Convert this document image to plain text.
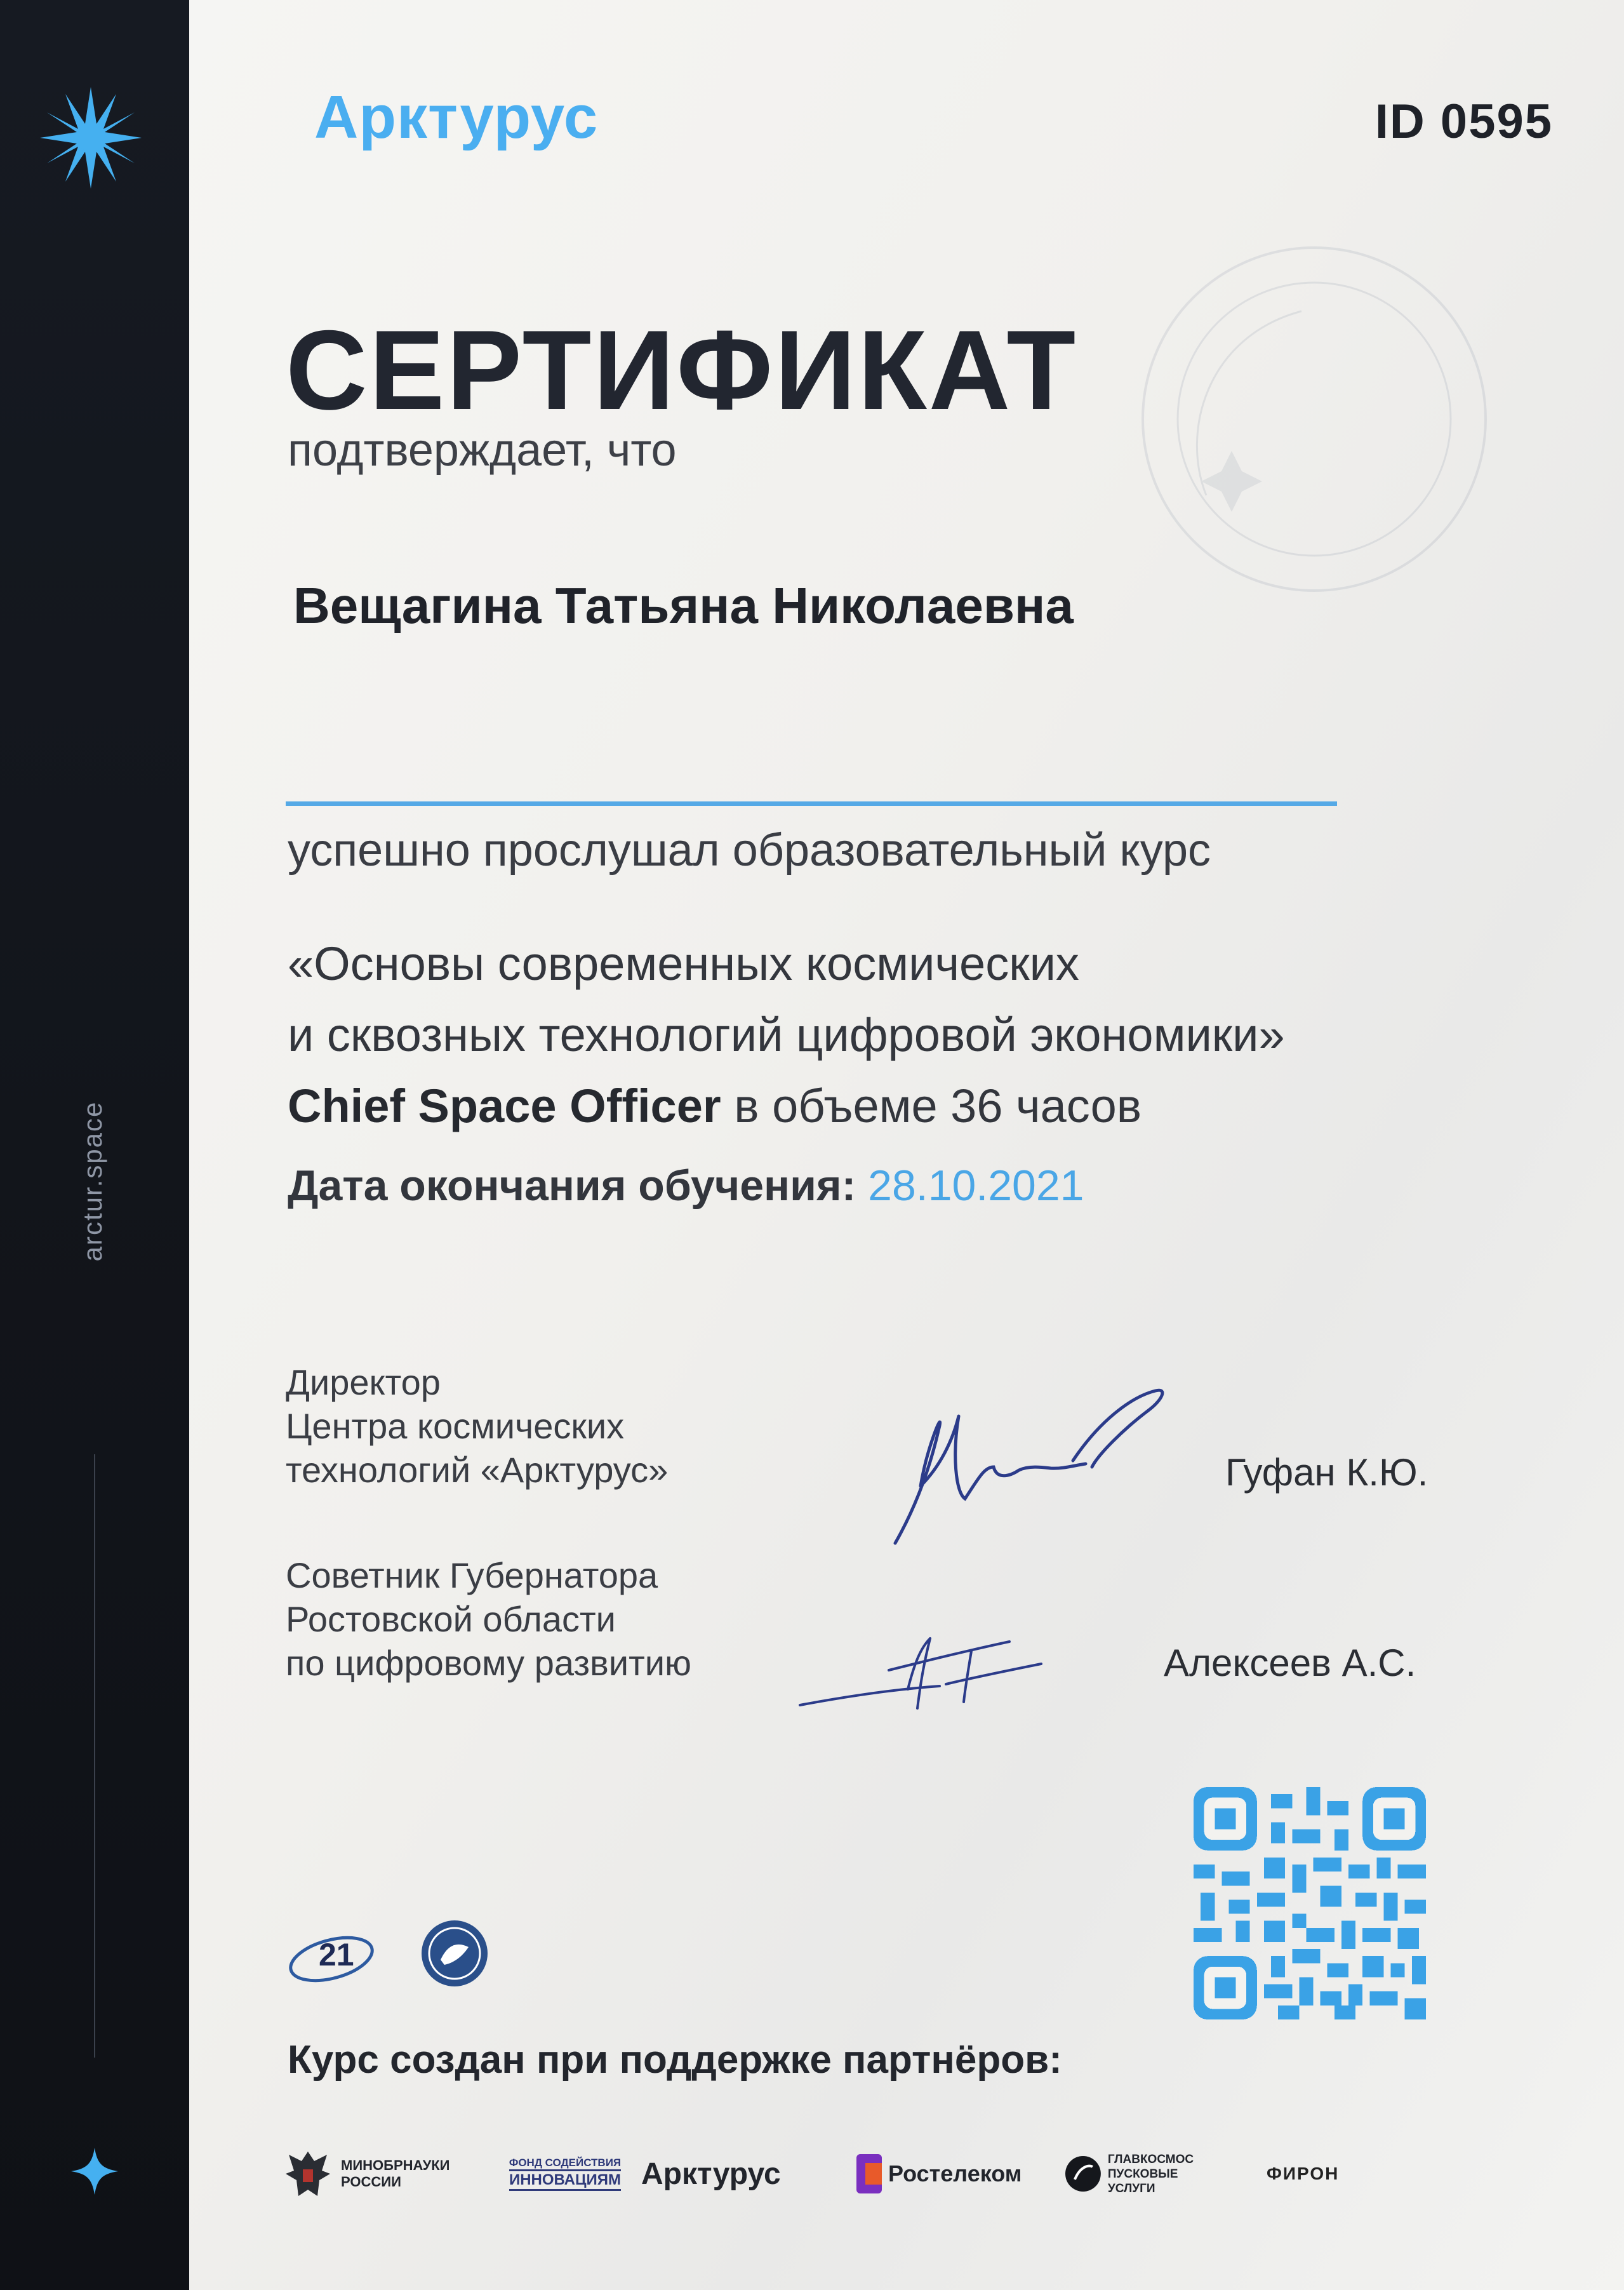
arctur.space
Арктурус	ID 0595
СЕРТИФИКАТ
подтверждает, что
Вещагина Татьяна Николаевна
успешно прослушал образовательный курс
«Основы современных космических
и сквозных технологий цифровой экономики»
Chief Space Officer в объеме 36 часов
Дата окончания обучения: 28.10.2021
Директор
Центра космических
технологий «Арктурус»	Гуфан К.Ю.
Советник Губернатора
Ростовской области
по цифровому развитию	Алексеев А.С.
21
Курс создан при поддержке партнёров:
МИНОБРНАУКИ
РОССИИ
ФОНД СОДЕЙСТВИЯ
ИННОВАЦИЯМ Арктурус	Ростелеком
ГЛАВКОСМОС
ПУСКОВЫЕ УСЛУГИ
ФИРОН
